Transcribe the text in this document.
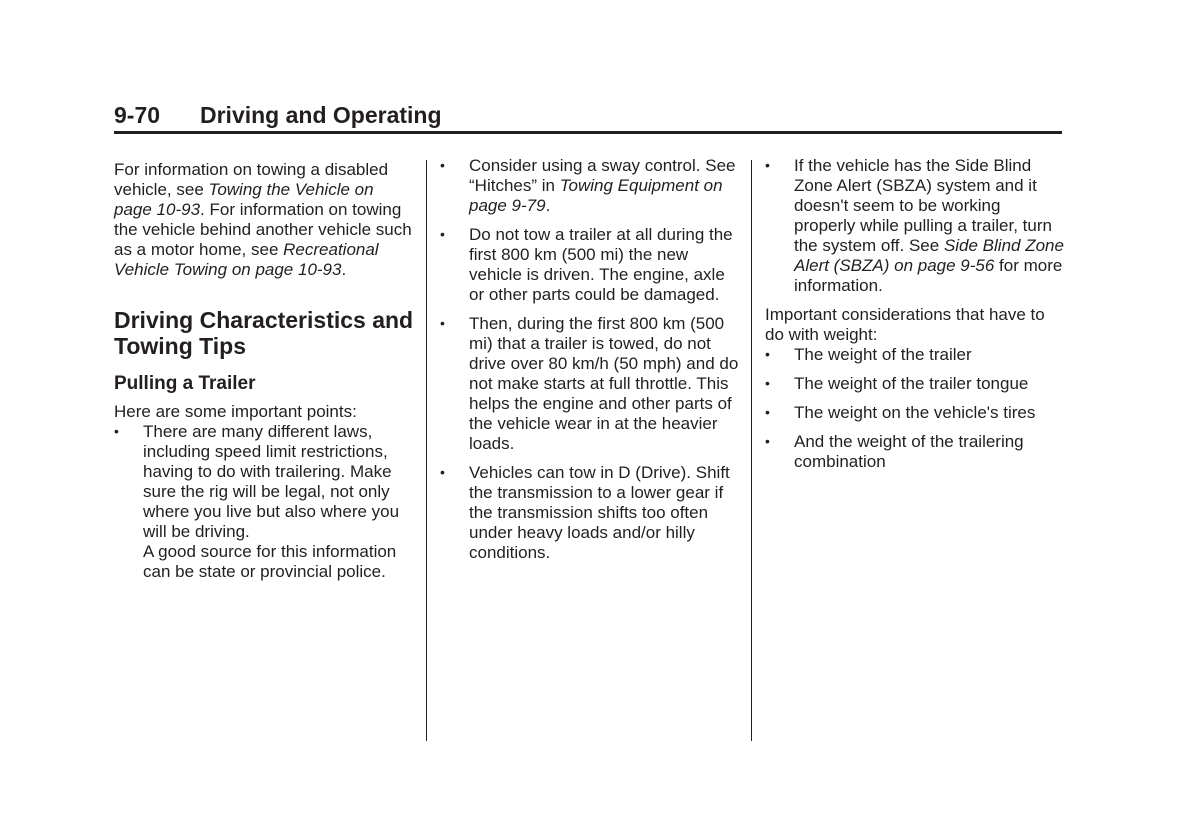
9-70 Driving and Operating

For information on towing a disabled vehicle, see Towing the Vehicle on page 10-93. For information on towing the vehicle behind another vehicle such as a motor home, see Recreational Vehicle Towing on page 10-93.

Driving Characteristics and Towing Tips
Pulling a Trailer

Here are some important points:

• There are many different laws, including speed limit restrictions, having to do with trailering. Make sure the rig will be legal, not only where you live but also where you will be driving.
A good source for this information can be state or provincial police.
• Consider using a sway control. See “Hitches” in Towing Equipment on page 9-79.
• Do not tow a trailer at all during the first 800 km (500 mi) the new vehicle is driven. The engine, axle or other parts could be damaged.
• Then, during the first 800 km (500 mi) that a trailer is towed, do not drive over 80 km/h (50 mph) and do not make starts at full throttle. This helps the engine and other parts of the vehicle wear in at the heavier loads.
• Vehicles can tow in D (Drive). Shift the transmission to a lower gear if the transmission shifts too often under heavy loads and/or hilly conditions.
• If the vehicle has the Side Blind Zone Alert (SBZA) system and it doesn't seem to be working properly while pulling a trailer, turn the system off. See Side Blind Zone Alert (SBZA) on page 9-56 for more information.

Important considerations that have to do with weight:

• The weight of the trailer
• The weight of the trailer tongue
• The weight on the vehicle's tires
• And the weight of the trailering combination
